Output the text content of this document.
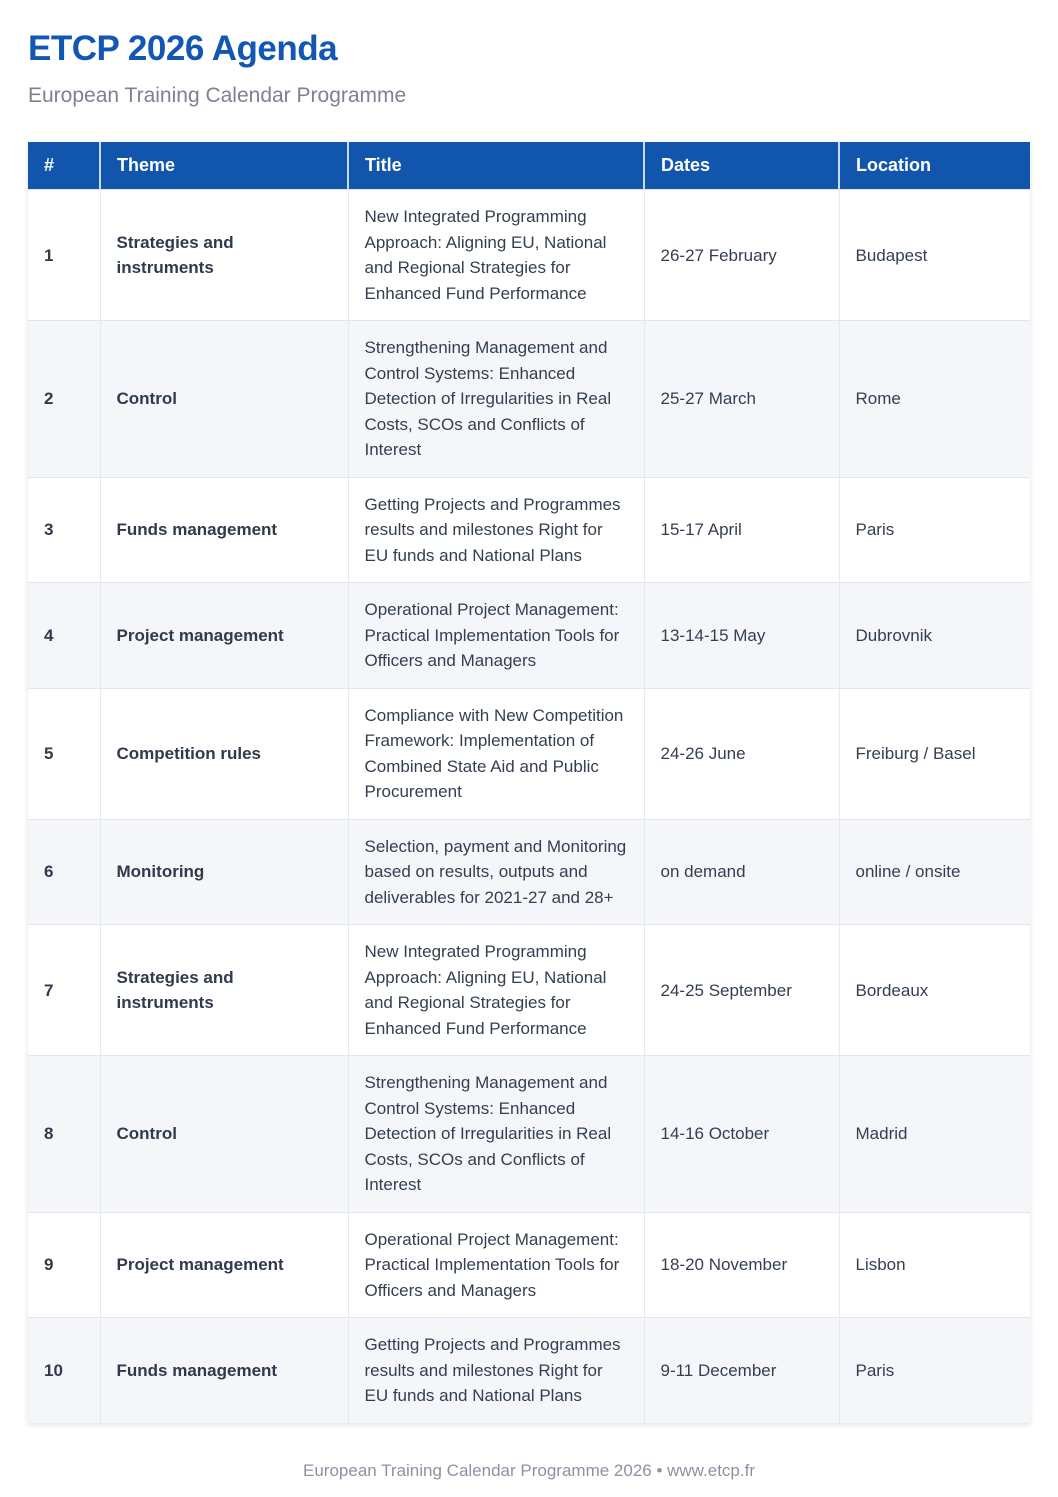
ETCP 2026 Agenda

European Training Calendar Programme

#	Theme	Title	Dates	Location
1	Strategies and instruments	New Integrated Programming Approach: Aligning EU, National and Regional Strategies for Enhanced Fund Performance	26-27 February	Budapest
2	Control	Strengthening Management and Control Systems: Enhanced Detection of Irregularities in Real Costs, SCOs and Conflicts of Interest	25-27 March	Rome
3	Funds management	Getting Projects and Programmes results and milestones Right for EU funds and National Plans	15-17 April	Paris
4	Project management	Operational Project Management: Practical Implementation Tools for Officers and Managers	13-14-15 May	Dubrovnik
5	Competition rules	Compliance with New Competition Framework: Implementation of Combined State Aid and Public Procurement	24-26 June	Freiburg / Basel
6	Monitoring	Selection, payment and Monitoring based on results, outputs and deliverables for 2021-27 and 28+	on demand	online / onsite
7	Strategies and instruments	New Integrated Programming Approach: Aligning EU, National and Regional Strategies for Enhanced Fund Performance	24-25 September	Bordeaux
8	Control	Strengthening Management and Control Systems: Enhanced Detection of Irregularities in Real Costs, SCOs and Conflicts of Interest	14-16 October	Madrid
9	Project management	Operational Project Management: Practical Implementation Tools for Officers and Managers	18-20 November	Lisbon
10	Funds management	Getting Projects and Programmes results and milestones Right for EU funds and National Plans	9-11 December	Paris
European Training Calendar Programme 2026 • www.etcp.fr
